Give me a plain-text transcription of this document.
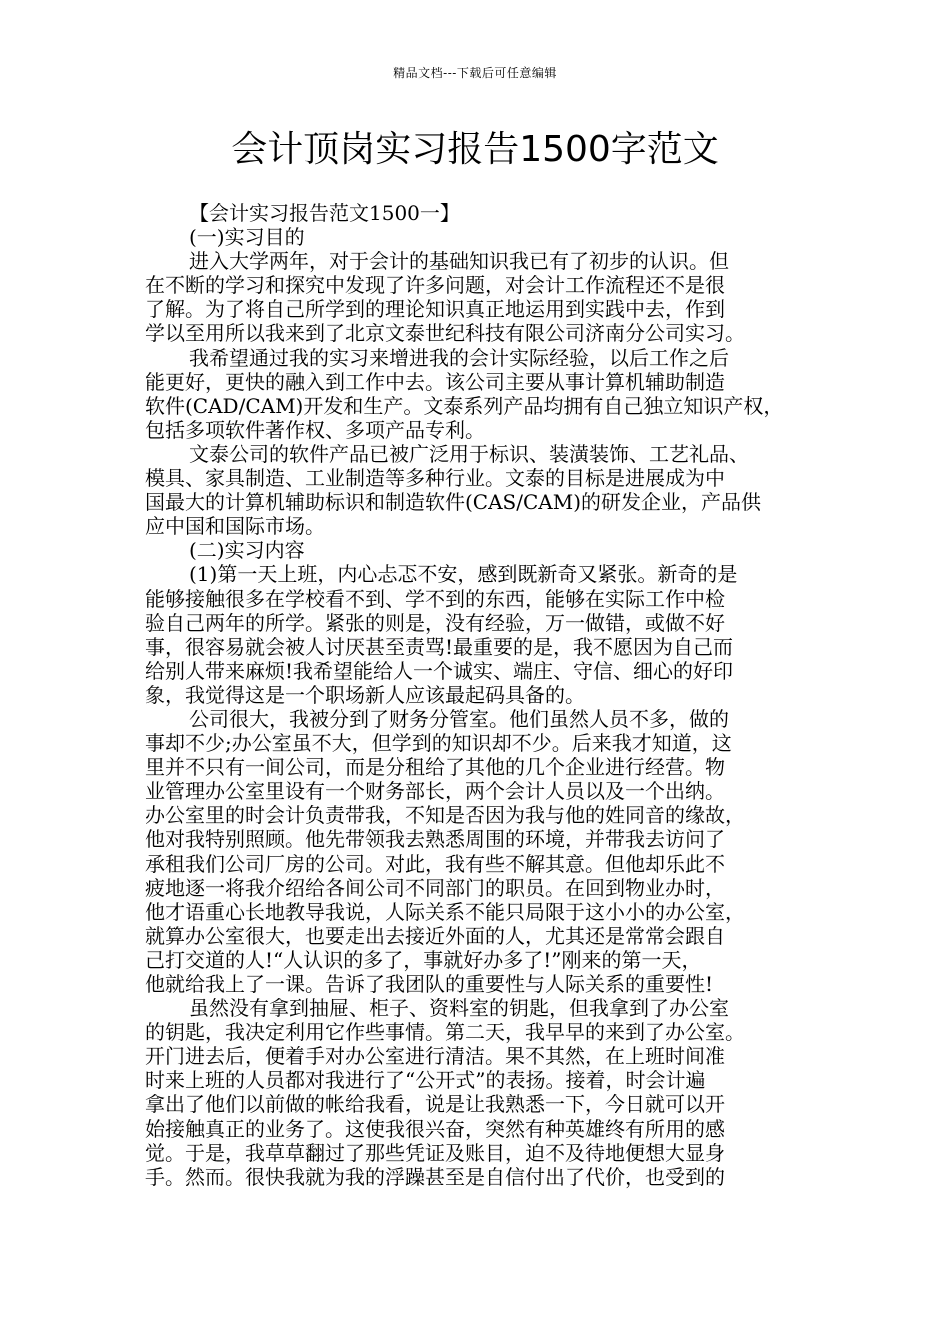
精品文档---下载后可任意编辑
会计顶岗实习报告1500字范文
【会计实习报告范文1500一】
(一)实习目的
进入大学两年，对于会计的基础知识我已有了初步的认识。但
在不断的学习和探究中发现了许多问题，对会计工作流程还不是很
了解。为了将自己所学到的理论知识真正地运用到实践中去，作到
学以至用所以我来到了北京文泰世纪科技有限公司济南分公司实习。
我希望通过我的实习来增进我的会计实际经验，以后工作之后
能更好，更快的融入到工作中去。该公司主要从事计算机辅助制造
软件(CAD/CAM)开发和生产。文泰系列产品均拥有自己独立知识产权，
包括多项软件著作权、多项产品专利。
文泰公司的软件产品已被广泛用于标识、装潢装饰、工艺礼品、
模具、家具制造、工业制造等多种行业。文泰的目标是进展成为中
国最大的计算机辅助标识和制造软件(CAS/CAM)的研发企业，产品供
应中国和国际市场。
(二)实习内容
(1)第一天上班，内心忐忑不安，感到既新奇又紧张。新奇的是
能够接触很多在学校看不到、学不到的东西，能够在实际工作中检
验自己两年的所学。紧张的则是，没有经验，万一做错，或做不好
事，很容易就会被人讨厌甚至责骂!最重要的是，我不愿因为自己而
给别人带来麻烦!我希望能给人一个诚实、端庄、守信、细心的好印
象，我觉得这是一个职场新人应该最起码具备的。
公司很大，我被分到了财务分管室。他们虽然人员不多，做的
事却不少;办公室虽不大，但学到的知识却不少。后来我才知道，这
里并不只有一间公司，而是分租给了其他的几个企业进行经营。物
业管理办公室里设有一个财务部长，两个会计人员以及一个出纳。
办公室里的时会计负责带我，不知是否因为我与他的姓同音的缘故，
他对我特别照顾。他先带领我去熟悉周围的环境，并带我去访问了
承租我们公司厂房的公司。对此，我有些不解其意。但他却乐此不
疲地逐一将我介绍给各间公司不同部门的职员。在回到物业办时，
他才语重心长地教导我说，人际关系不能只局限于这小小的办公室，
就算办公室很大，也要走出去接近外面的人，尤其还是常常会跟自
己打交道的人!“人认识的多了，事就好办多了!”刚来的第一天，
他就给我上了一课。告诉了我团队的重要性与人际关系的重要性!
虽然没有拿到抽屉、柜子、资料室的钥匙，但我拿到了办公室
的钥匙，我决定利用它作些事情。第二天，我早早的来到了办公室。
开门进去后，便着手对办公室进行清洁。果不其然，在上班时间准
时来上班的人员都对我进行了“公开式”的表扬。接着，时会计遍
拿出了他们以前做的帐给我看，说是让我熟悉一下，今日就可以开
始接触真正的业务了。这使我很兴奋，突然有种英雄终有所用的感
觉。于是，我草草翻过了那些凭证及账目，迫不及待地便想大显身
手。然而。很快我就为我的浮躁甚至是自信付出了代价，也受到的
